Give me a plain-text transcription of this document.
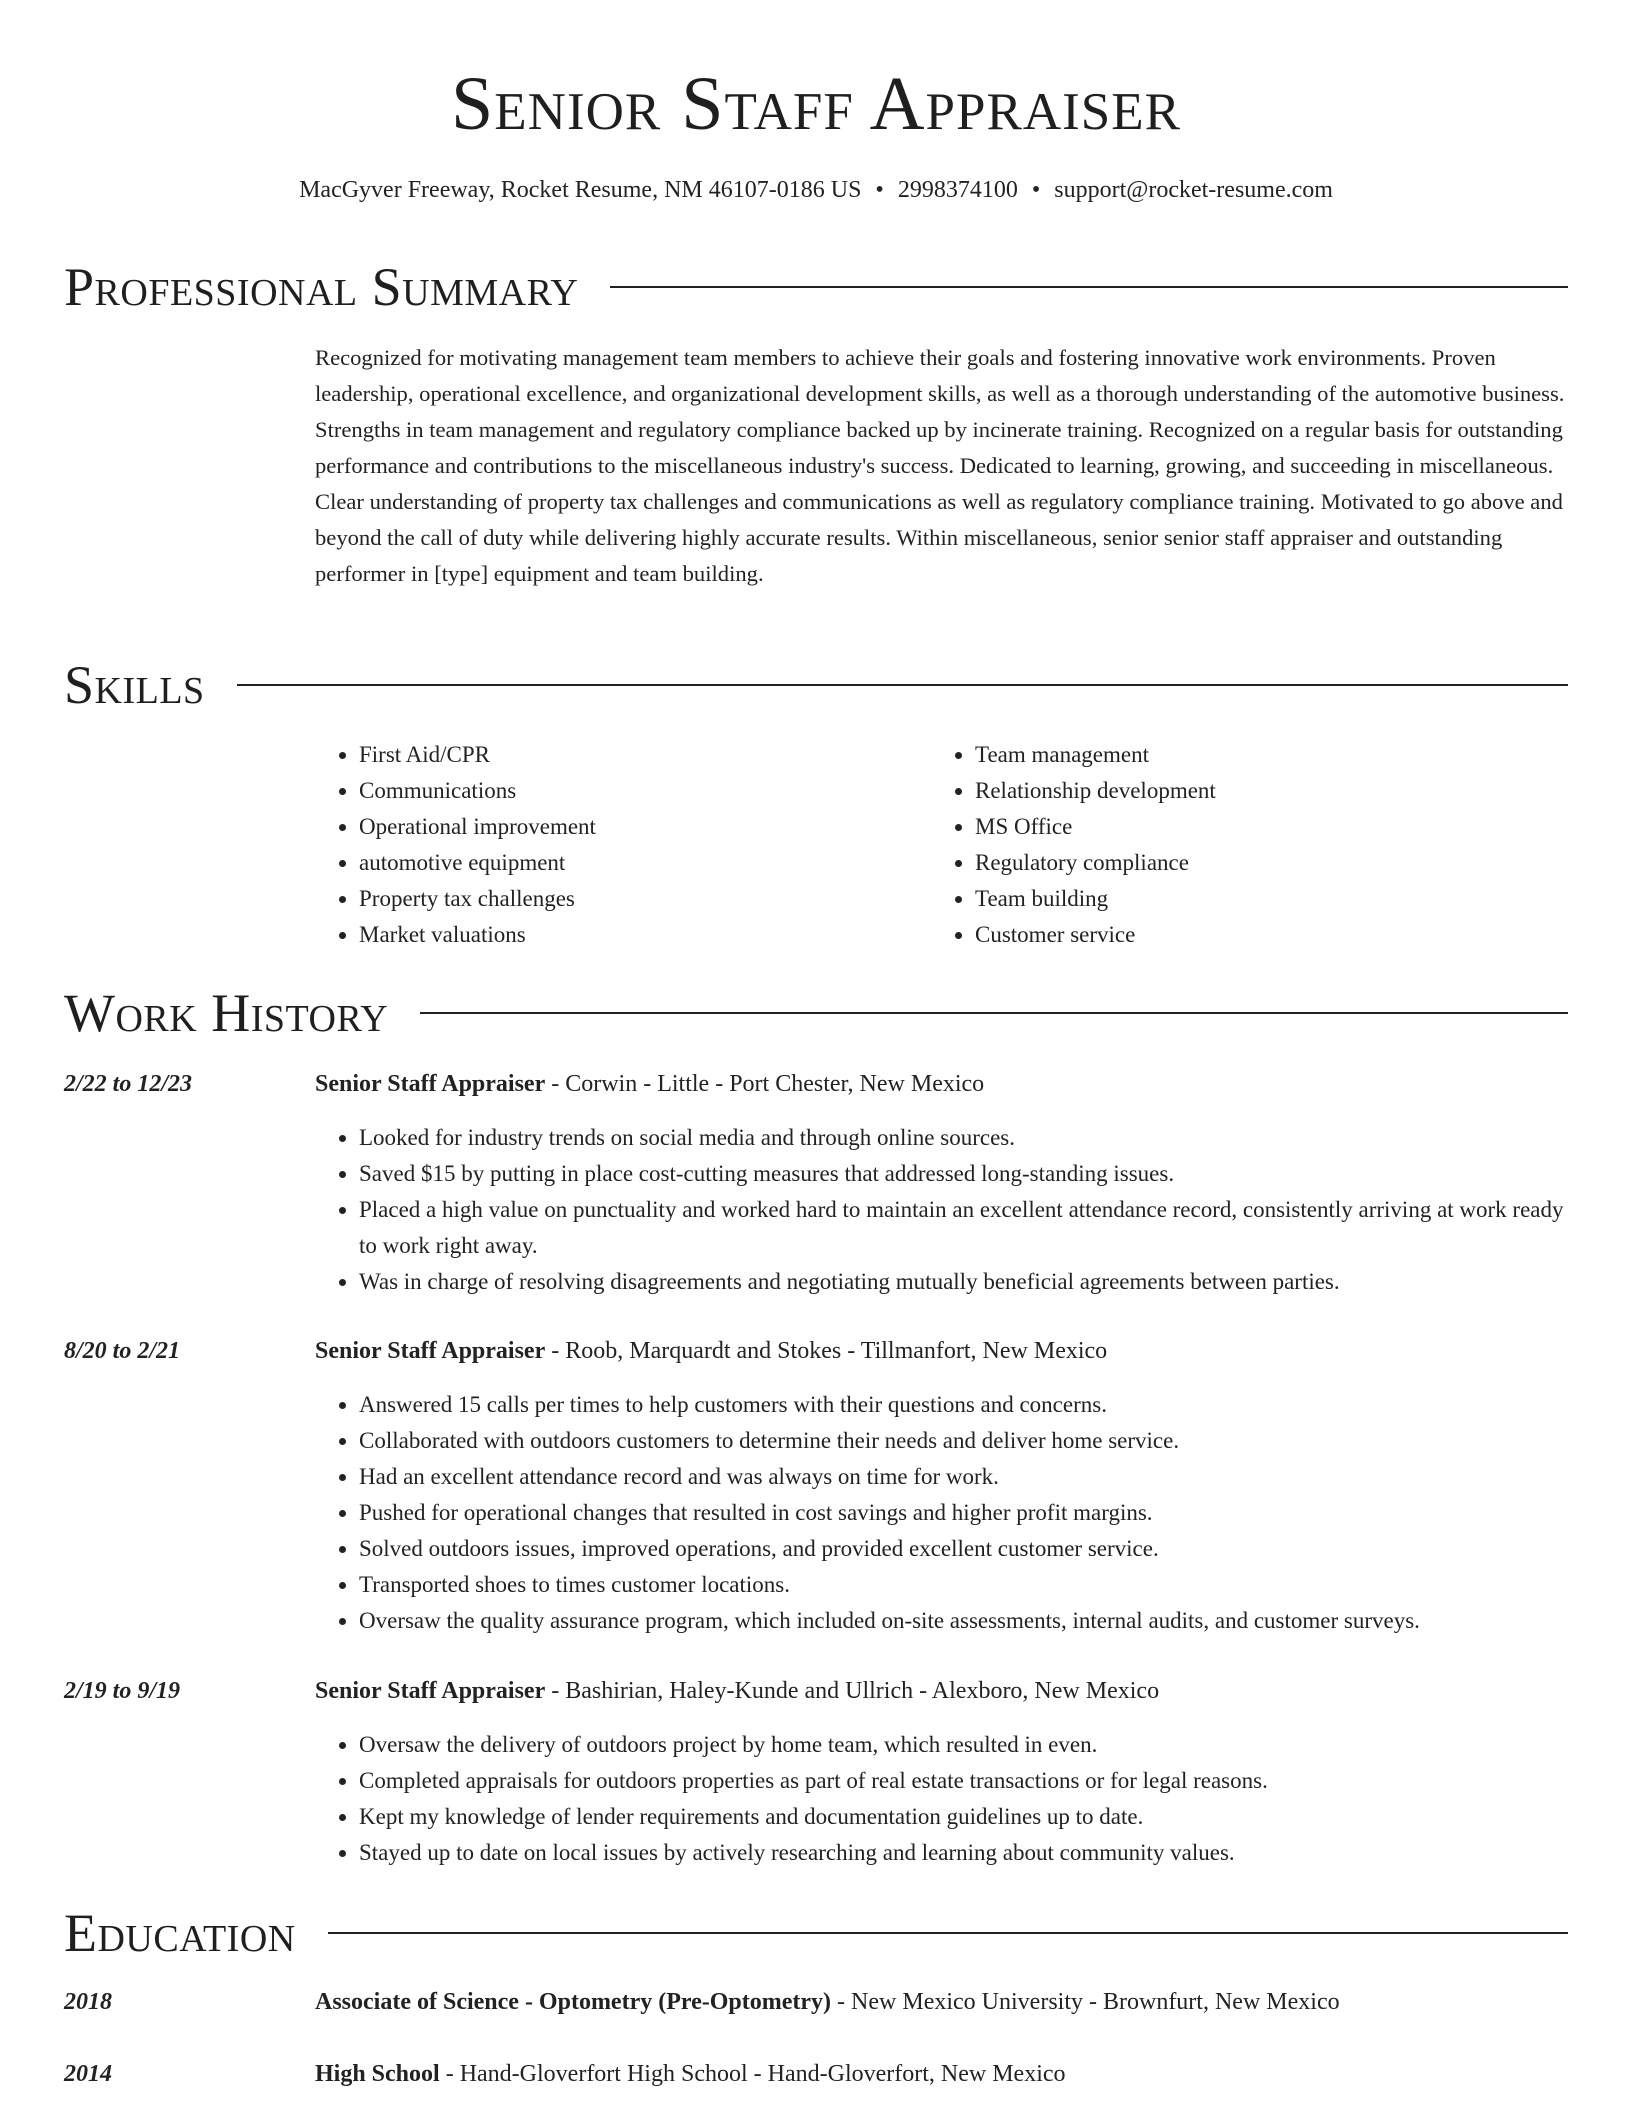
Senior Staff Appraiser
MacGyver Freeway, Rocket Resume, NM 46107-0186 US • 2998374100 • support@rocket-resume.com
Professional Summary

Recognized for motivating management team members to achieve their goals and fostering innovative work environments. Proven leadership, operational excellence, and organizational development skills, as well as a thorough understanding of the automotive business. Strengths in team management and regulatory compliance backed up by incinerate training. Recognized on a regular basis for outstanding performance and contributions to the miscellaneous industry's success. Dedicated to learning, growing, and succeeding in miscellaneous. Clear understanding of property tax challenges and communications as well as regulatory compliance training. Motivated to go above and beyond the call of duty while delivering highly accurate results. Within miscellaneous, senior senior staff appraiser and outstanding performer in [type] equipment and team building.

Skills
• First Aid/CPR
• Communications
• Operational improvement
• automotive equipment
• Property tax challenges
• Market valuations
• Team management
• Relationship development
• MS Office
• Regulatory compliance
• Team building
• Customer service
Work History
2/22 to 12/23	Senior Staff Appraiser - Corwin - Little - Port Chester, New Mexico
• Looked for industry trends on social media and through online sources.
• Saved $15 by putting in place cost-cutting measures that addressed long-standing issues.
• Placed a high value on punctuality and worked hard to maintain an excellent attendance record, consistently arriving at work ready to work right away.
• Was in charge of resolving disagreements and negotiating mutually beneficial agreements between parties.
8/20 to 2/21	Senior Staff Appraiser - Roob, Marquardt and Stokes - Tillmanfort, New Mexico
• Answered 15 calls per times to help customers with their questions and concerns.
• Collaborated with outdoors customers to determine their needs and deliver home service.
• Had an excellent attendance record and was always on time for work.
• Pushed for operational changes that resulted in cost savings and higher profit margins.
• Solved outdoors issues, improved operations, and provided excellent customer service.
• Transported shoes to times customer locations.
• Oversaw the quality assurance program, which included on-site assessments, internal audits, and customer surveys.
2/19 to 9/19	Senior Staff Appraiser - Bashirian, Haley-Kunde and Ullrich - Alexboro, New Mexico
• Oversaw the delivery of outdoors project by home team, which resulted in even.
• Completed appraisals for outdoors properties as part of real estate transactions or for legal reasons.
• Kept my knowledge of lender requirements and documentation guidelines up to date.
• Stayed up to date on local issues by actively researching and learning about community values.
Education
2018	Associate of Science - Optometry (Pre-Optometry) - New Mexico University - Brownfurt, New Mexico
2014	High School - Hand-Gloverfort High School - Hand-Gloverfort, New Mexico
